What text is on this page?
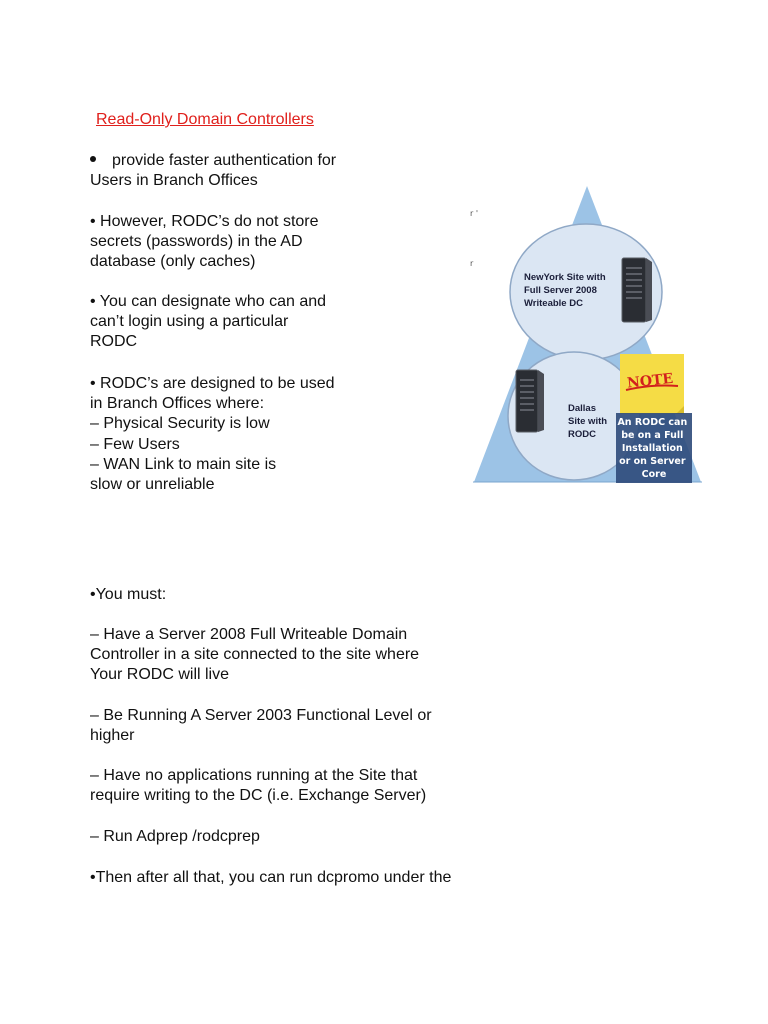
Read-Only Domain Controllers

provide faster authentication for
Users in Branch Offices

• However, RODC’s do not store
secrets (passwords) in the AD
database (only caches)

• You can designate who can and
can’t login using a particular
RODC

• RODC’s are designed to be used
in Branch Offices where:
– Physical Security is low
– Few Users
– WAN Link to main site is
slow or unreliable

r '
r
NewYork Site with Full Server 2008 Writeable DC
Dallas Site with RODC
NOTE
An RODC can be on a Full Installation or on Server Core

•You must:

– Have a Server 2008 Full Writeable Domain
Controller in a site connected to the site where
Your RODC will live

– Be Running A Server 2003 Functional Level or
higher

– Have no applications running at the Site that
require writing to the DC (i.e. Exchange Server)

– Run Adprep /rodcprep

•Then after all that, you can run dcpromo under the
